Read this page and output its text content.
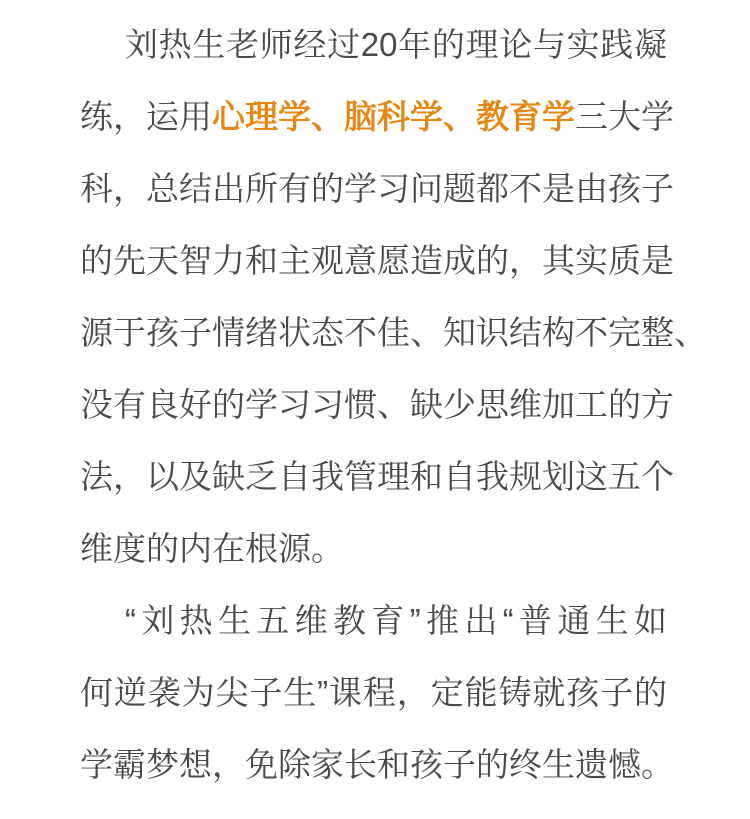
刘热生老师经过20年的理论与实践凝
练，运用心理学、脑科学、教育学三大学
科，总结出所有的学习问题都不是由孩子
的先天智力和主观意愿造成的，其实质是
源于孩子情绪状态不佳、知识结构不完整、
没有良好的学习习惯、缺少思维加工的方
法，以及缺乏自我管理和自我规划这五个
维度的内在根源。
“刘热生五维教育”推出“普通生如
何逆袭为尖子生”课程，定能铸就孩子的
学霸梦想，免除家长和孩子的终生遗憾。
